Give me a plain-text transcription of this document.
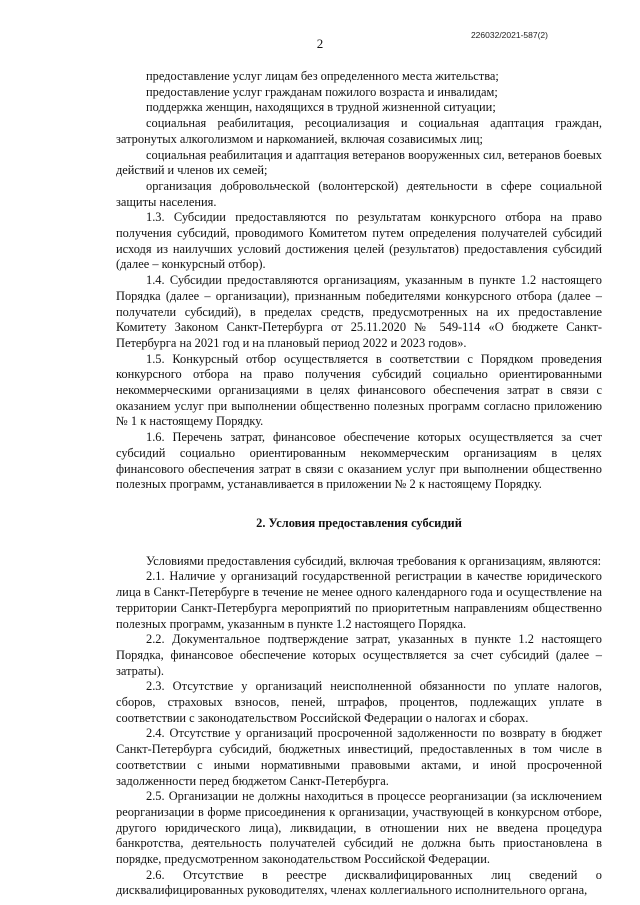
226032/2021-587(2)
2

предоставление услуг лицам без определенного места жительства;

предоставление услуг гражданам пожилого возраста и инвалидам;

поддержка женщин, находящихся в трудной жизненной ситуации;

социальная реабилитация, ресоциализация и социальная адаптация граждан, затронутых алкоголизмом и наркоманией, включая созависимых лиц;

социальная реабилитация и адаптация ветеранов вооруженных сил, ветеранов боевых действий и членов их семей;

организация добровольческой (волонтерской) деятельности в сфере социальной защиты населения.

1.3. Субсидии предоставляются по результатам конкурсного отбора на право получения субсидий, проводимого Комитетом путем определения получателей субсидий исходя из наилучших условий достижения целей (результатов) предоставления субсидий (далее – конкурсный отбор).

1.4. Субсидии предоставляются организациям, указанным в пункте 1.2 настоящего Порядка (далее – организации), признанным победителями конкурсного отбора (далее – получатели субсидий), в пределах средств, предусмотренных на их предоставление Комитету Законом Санкт-Петербурга от 25.11.2020 № 549-114 «О бюджете Санкт-Петербурга на 2021 год и на плановый период 2022 и 2023 годов».

1.5. Конкурсный отбор осуществляется в соответствии с Порядком проведения конкурсного отбора на право получения субсидий социально ориентированными некоммерческими организациями в целях финансового обеспечения затрат в связи с оказанием услуг при выполнении общественно полезных программ согласно приложению № 1 к настоящему Порядку.

1.6. Перечень затрат, финансовое обеспечение которых осуществляется за счет субсидий социально ориентированным некоммерческим организациям в целях финансового обеспечения затрат в связи с оказанием услуг при выполнении общественно полезных программ, устанавливается в приложении № 2 к настоящему Порядку.

2. Условия предоставления субсидий

Условиями предоставления субсидий, включая требования к организациям, являются:

2.1. Наличие у организаций государственной регистрации в качестве юридического лица в Санкт-Петербурге в течение не менее одного календарного года и осуществление на территории Санкт-Петербурга мероприятий по приоритетным направлениям общественно полезных программ, указанным в пункте 1.2 настоящего Порядка.

2.2. Документальное подтверждение затрат, указанных в пункте 1.2 настоящего Порядка, финансовое обеспечение которых осуществляется за счет субсидий (далее – затраты).

2.3. Отсутствие у организаций неисполненной обязанности по уплате налогов, сборов, страховых взносов, пеней, штрафов, процентов, подлежащих уплате в соответствии с законодательством Российской Федерации о налогах и сборах.

2.4. Отсутствие у организаций просроченной задолженности по возврату в бюджет Санкт-Петербурга субсидий, бюджетных инвестиций, предоставленных в том числе в соответствии с иными нормативными правовыми актами, и иной просроченной задолженности перед бюджетом Санкт-Петербурга.

2.5. Организации не должны находиться в процессе реорганизации (за исключением реорганизации в форме присоединения к организации, участвующей в конкурсном отборе, другого юридического лица), ликвидации, в отношении них не введена процедура банкротства, деятельность получателей субсидий не должна быть приостановлена в порядке, предусмотренном законодательством Российской Федерации.

2.6. Отсутствие в реестре дисквалифицированных лиц сведений о дисквалифицированных руководителях, членах коллегиального исполнительного органа,
